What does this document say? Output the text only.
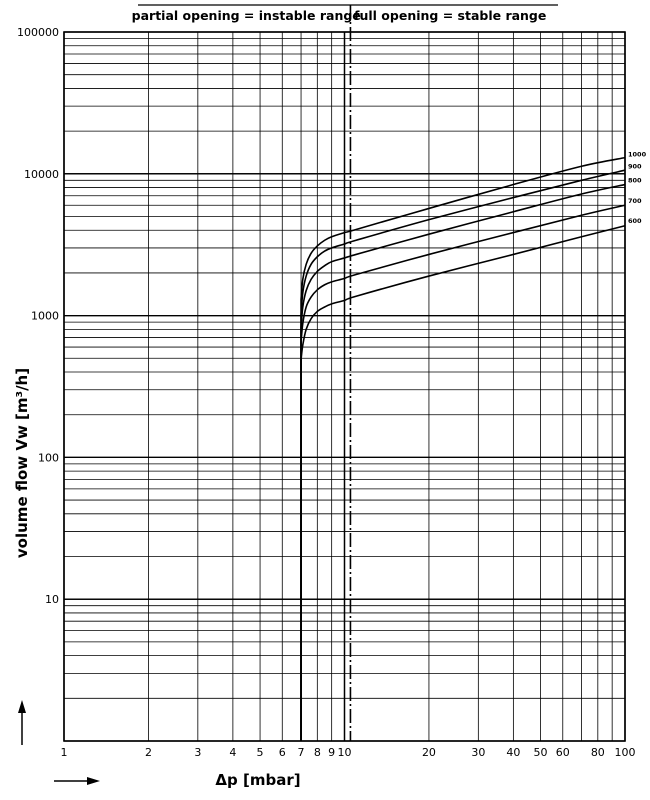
partial opening = instable range
full opening = stable range
1000
900
800
700
600
1	2	3	4 5 6 7 8 9 10	20	30 40 50 60 80 100
10
100
1000
10000
100000
volume flow Vw [m³/h]
Δp [mbar]
